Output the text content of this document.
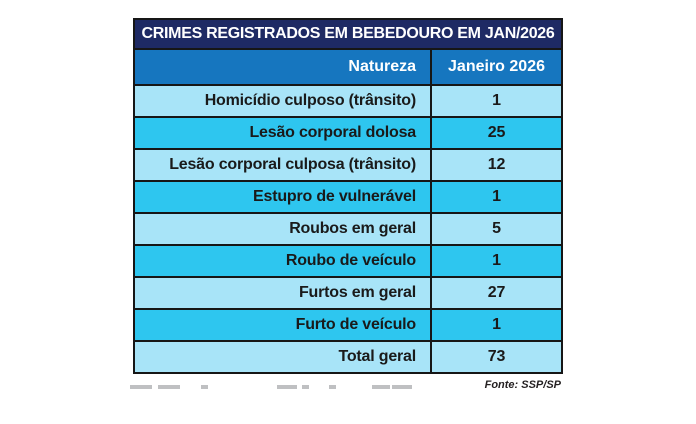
CRIMES REGISTRADOS EM BEBEDOURO EM JAN/2026	
Natureza	Janeiro 2026
Homicídio culposo (trânsito)	1
Lesão corporal dolosa	25
Lesão corporal culposa (trânsito)	12
Estupro de vulnerável	1
Roubos em geral	5
Roubo de veículo	1
Furtos em geral	27
Furto de veículo	1
Total geral	73
Fonte: SSP/SP
